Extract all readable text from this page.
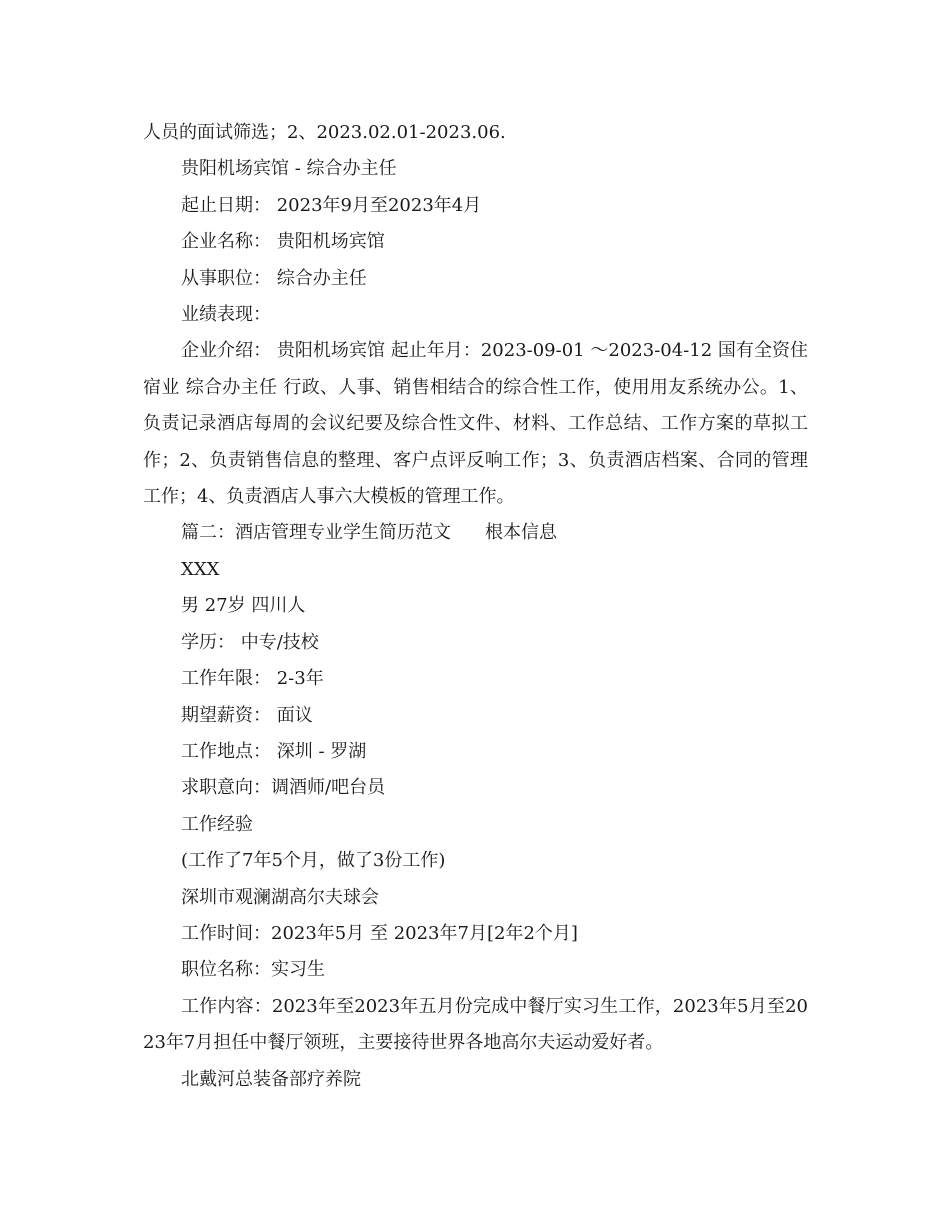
人员的面试筛选；2、2023.02.01-2023.06.

贵阳机场宾馆 - 综合办主任

起止日期： 2023年9月至2023年4月

企业名称： 贵阳机场宾馆

从事职位： 综合办主任

业绩表现：

企业介绍： 贵阳机场宾馆 起止年月：2023-09-01 ～2023-04-12 国有全资住宿业 综合办主任 行政、人事、销售相结合的综合性工作，使用用友系统办公。1、负责记录酒店每周的会议纪要及综合性文件、材料、工作总结、工作方案的草拟工作；2、负责销售信息的整理、客户点评反响工作；3、负责酒店档案、合同的管理工作；4、负责酒店人事六大模板的管理工作。

篇二：酒店管理专业学生简历范文 根本信息

XXX

男 27岁 四川人

学历： 中专/技校

工作年限： 2-3年

期望薪资： 面议

工作地点： 深圳 - 罗湖

求职意向：调酒师/吧台员

工作经验

(工作了7年5个月，做了3份工作)

深圳市观澜湖高尔夫球会

工作时间：2023年5月 至 2023年7月[2年2个月]

职位名称：实习生

工作内容：2023年至2023年五月份完成中餐厅实习生工作，2023年5月至2023年7月担任中餐厅领班，主要接待世界各地高尔夫运动爱好者。

北戴河总装备部疗养院
